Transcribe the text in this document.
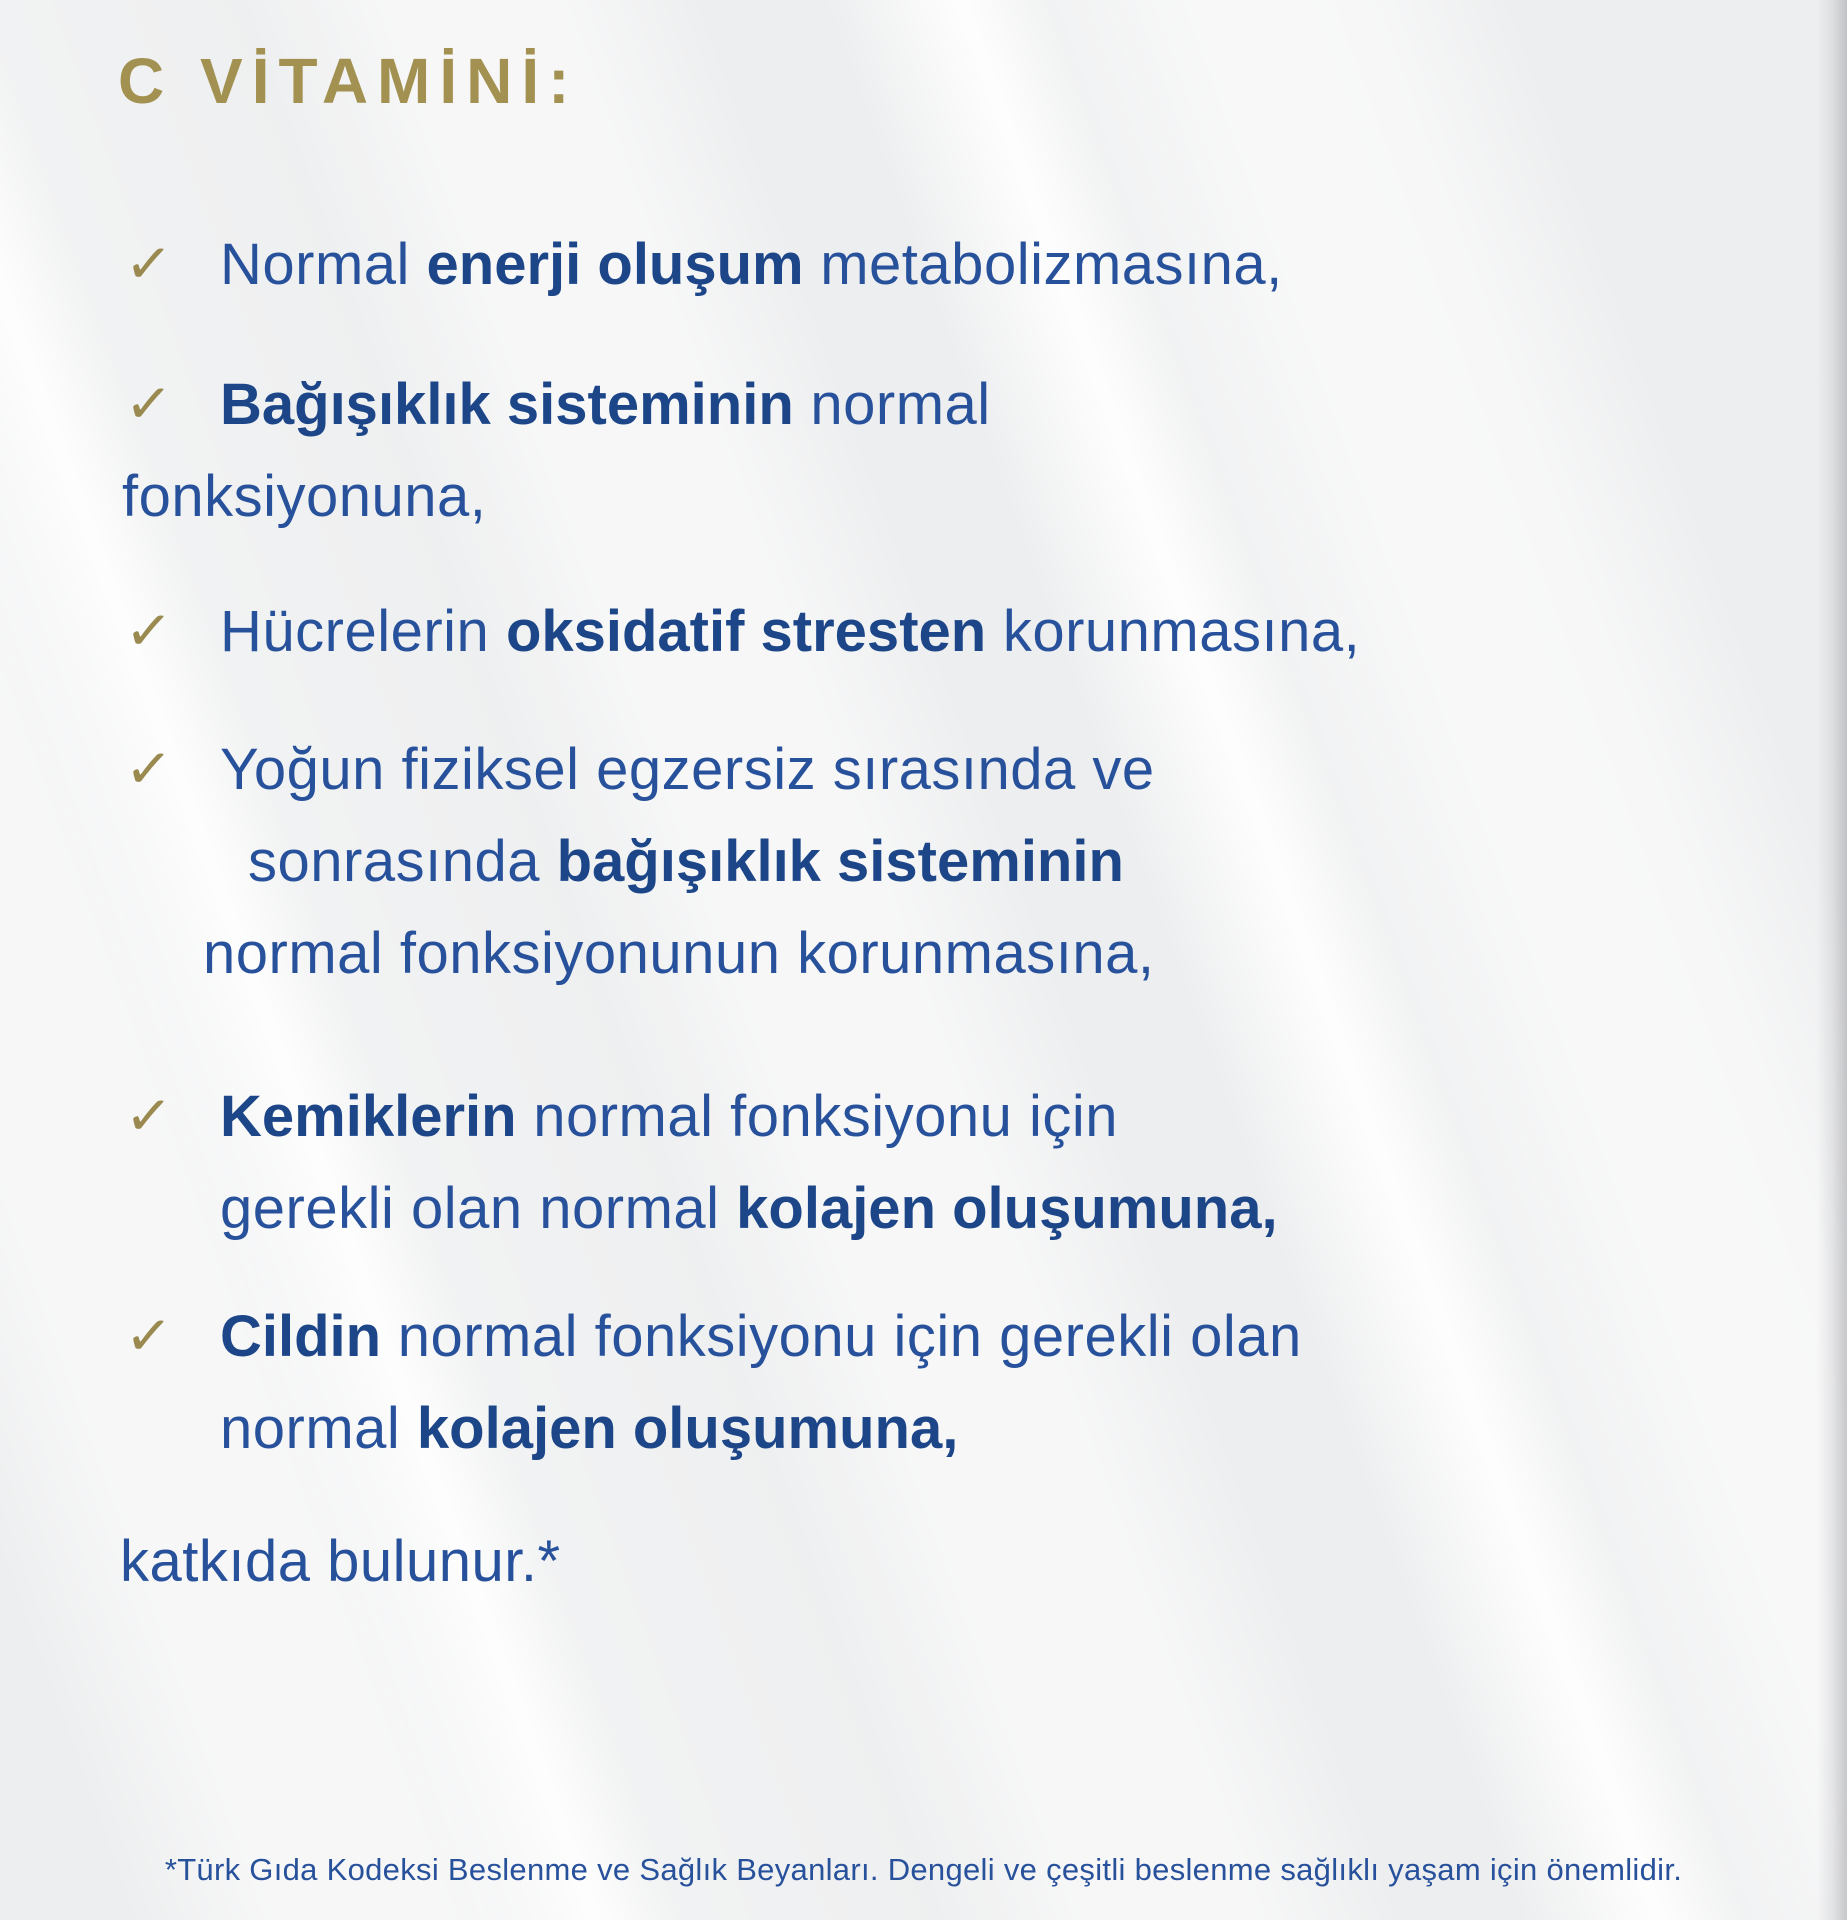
C VİTAMİNİ:
✓ Normal enerji oluşum metabolizmasına,
✓ Bağışıklık sisteminin normal
fonksiyonuna,
✓ Hücrelerin oksidatif stresten korunmasına,
✓ Yoğun fiziksel egzersiz sırasında ve
sonrasında bağışıklık sisteminin
normal fonksiyonunun korunmasına,
✓ Kemiklerin normal fonksiyonu için
gerekli olan normal kolajen oluşumuna,
✓ Cildin normal fonksiyonu için gerekli olan
normal kolajen oluşumuna,
katkıda bulunur.*
*Türk Gıda Kodeksi Beslenme ve Sağlık Beyanları. Dengeli ve çeşitli beslenme sağlıklı yaşam için önemlidir.
